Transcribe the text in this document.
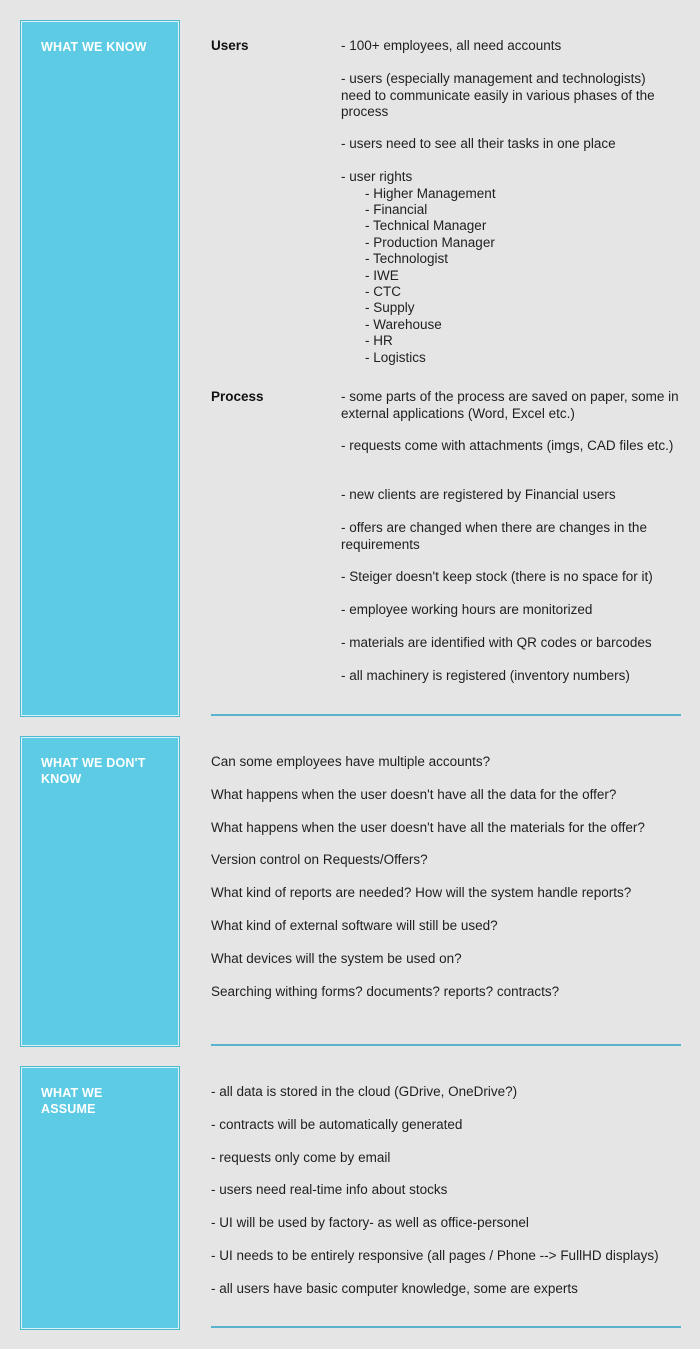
WHAT WE KNOW	Users	- 100+ employees, all need accounts
- users (especially management and technologists) need to communicate easily in various phases of the process
- users need to see all their tasks in one place
- user rights
- Higher Management
- Financial
- Technical Manager
- Production Manager
- Technologist
- IWE
- CTC
- Supply
- Warehouse
- HR
- Logistics
Process	- some parts of the process are saved on paper, some in external applications (Word, Excel etc.)
- requests come with attachments (imgs, CAD files etc.)
- new clients are registered by Financial users
- offers are changed when there are changes in the requirements
- Steiger doesn't keep stock (there is no space for it)
- employee working hours are monitorized
- materials are identified with QR codes or barcodes
- all machinery is registered (inventory numbers)
WHAT WE DON'T KNOW
Can some employees have multiple accounts?
What happens when the user doesn't have all the data for the offer?
What happens when the user doesn't have all the materials for the offer?
Version control on Requests/Offers?
What kind of reports are needed? How will the system handle reports?
What kind of external software will still be used?
What devices will the system be used on?
Searching withing forms? documents? reports? contracts?
WHAT WE ASSUME
- all data is stored in the cloud (GDrive, OneDrive?)
- contracts will be automatically generated
- requests only come by email
- users need real-time info about stocks
- UI will be used by factory- as well as office-personel
- UI needs to be entirely responsive (all pages / Phone --> FullHD displays)
- all users have basic computer knowledge, some are experts
